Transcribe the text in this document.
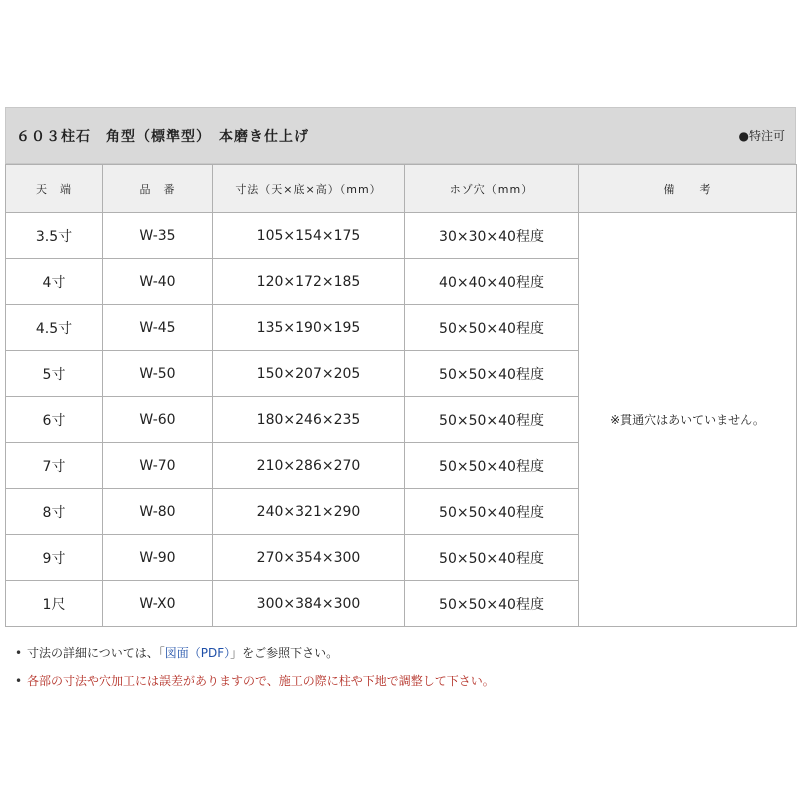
６０３柱石　角型（標準型）　本磨き仕上げ	●特注可
天　端	品　番	寸法（天×底×高）（mm）	ホゾ穴（mm）	備　　考
3.5寸	W-35	105×154×175	30×30×40程度	※貫通穴はあいていません。
4寸	W-40	120×172×185	40×40×40程度	
4.5寸	W-45	135×190×195	50×50×40程度	
5寸	W-50	150×207×205	50×50×40程度	
6寸	W-60	180×246×235	50×50×40程度	
7寸	W-70	210×286×270	50×50×40程度	
8寸	W-80	240×321×290	50×50×40程度	
9寸	W-90	270×354×300	50×50×40程度	
1尺	W-X0	300×384×300	50×50×40程度	
• 寸法の詳細については、「図面（PDF）」をご参照下さい。
• 各部の寸法や穴加工には誤差がありますので、施工の際に柱や下地で調整して下さい。
